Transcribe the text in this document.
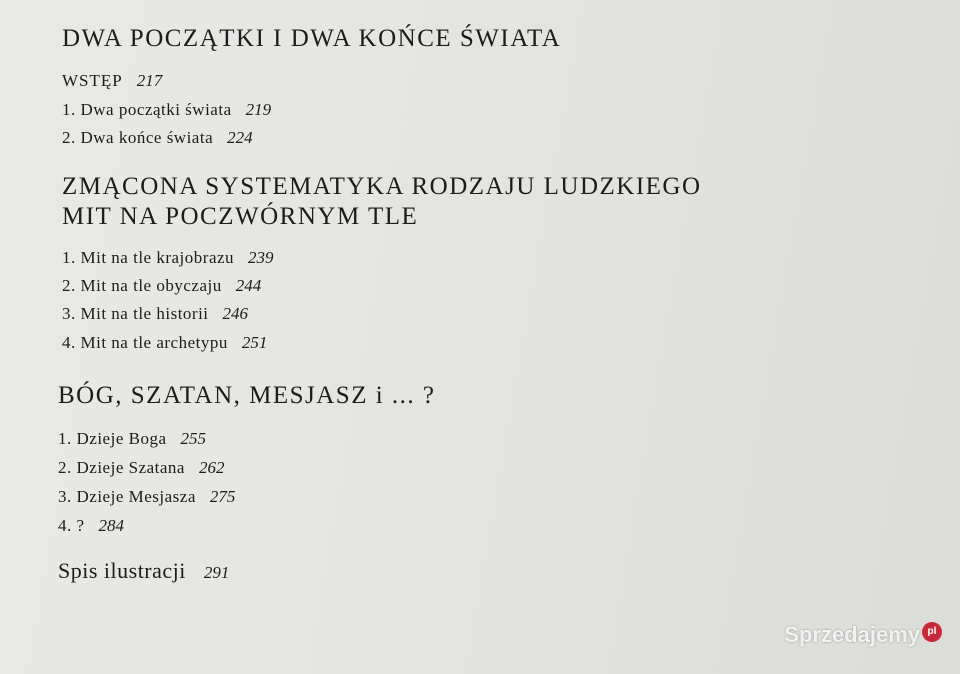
DWA POCZĄTKI I DWA KOŃCE ŚWIATA
WSTĘP 217
1. Dwa początki świata 219
2. Dwa końce świata 224
ZMĄCONA SYSTEMATYKA RODZAJU LUDZKIEGO
MIT NA POCZWÓRNYM TLE
1. Mit na tle krajobrazu 239
2. Mit na tle obyczaju 244
3. Mit na tle historii 246
4. Mit na tle archetypu 251
BÓG, SZATAN, MESJASZ i ... ?
1. Dzieje Boga 255
2. Dzieje Szatana 262
3. Dzieje Mesjasza 275
4. ? 284
Spis ilustracji 291
Sprzedajemy pl
